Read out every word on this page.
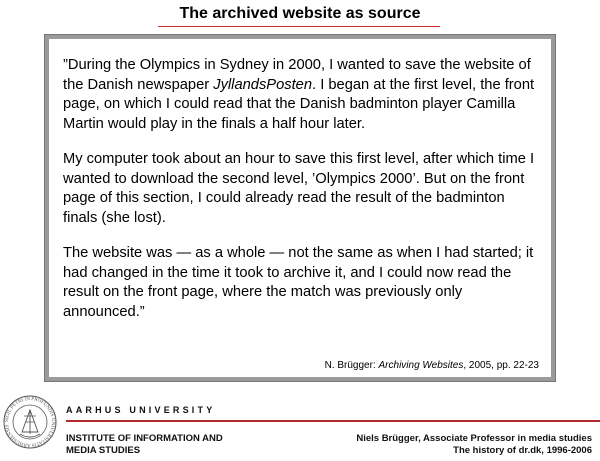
The archived website as source

”During the Olympics in Sydney in 2000, I wanted to save the website of the Danish newspaper JyllandsPosten. I began at the first level, the front page, on which I could read that the Danish badminton player Camilla Martin would play in the finals a half hour later.

My computer took about an hour to save this first level, after which time I wanted to download the second level, ’Olympics 2000’. But on the front page of this section, I could already read the result of the badminton finals (she lost).

The website was — as a whole — not the same as when I had started; it had changed in the time it took to archive it, and I could now read the result on the front page, where the match was previously only announced.”

N. Brügger: Archiving Websites, 2005, pp. 22-23
SIGIL PETRI IN PROFUNDIS UNIVERSITATIS ARHUSIENSIS
AARHUS UNIVERSITY
INSTITUTE OF INFORMATION AND
MEDIA STUDIES
Niels Brügger, Associate Professor in media studies
The history of dr.dk, 1996-2006
